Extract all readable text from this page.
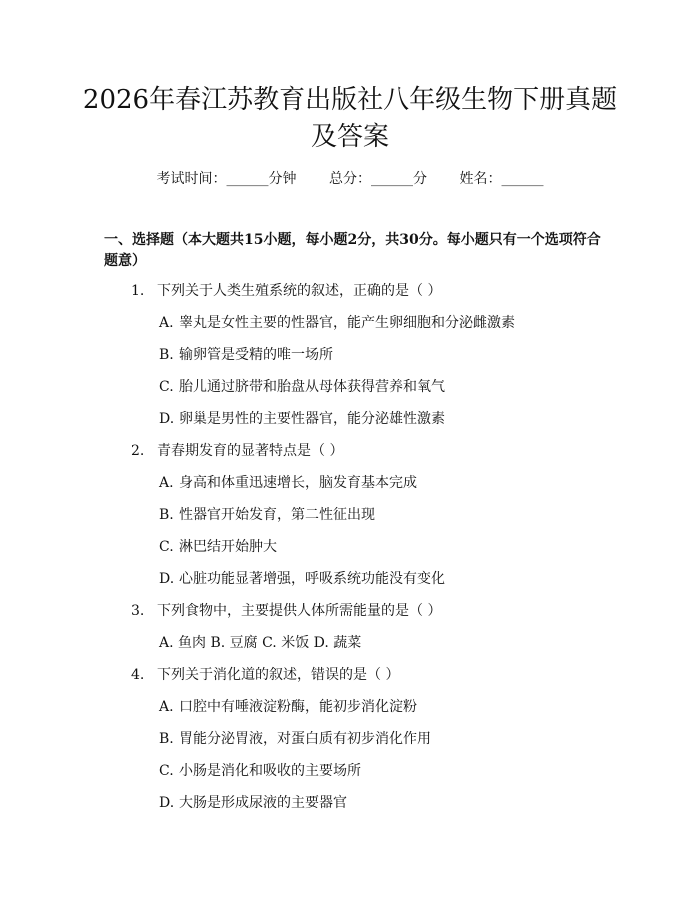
2026年春江苏教育出版社八年级生物下册真题及答案
考试时间：______分钟 总分：______分 姓名：______

一、选择题（本大题共15小题，每小题2分，共30分。每小题只有一个选项符合题意）

1. 下列关于人类生殖系统的叙述，正确的是（ ）
A. 睾丸是女性主要的性器官，能产生卵细胞和分泌雌激素
B. 输卵管是受精的唯一场所
C. 胎儿通过脐带和胎盘从母体获得营养和氧气
D. 卵巢是男性的主要性器官，能分泌雄性激素
2. 青春期发育的显著特点是（ ）
A. 身高和体重迅速增长，脑发育基本完成
B. 性器官开始发育，第二性征出现
C. 淋巴结开始肿大
D. 心脏功能显著增强，呼吸系统功能没有变化
3. 下列食物中，主要提供人体所需能量的是（ ）
A. 鱼肉 B. 豆腐 C. 米饭 D. 蔬菜
4. 下列关于消化道的叙述，错误的是（ ）
A. 口腔中有唾液淀粉酶，能初步消化淀粉
B. 胃能分泌胃液，对蛋白质有初步消化作用
C. 小肠是消化和吸收的主要场所
D. 大肠是形成尿液的主要器官
